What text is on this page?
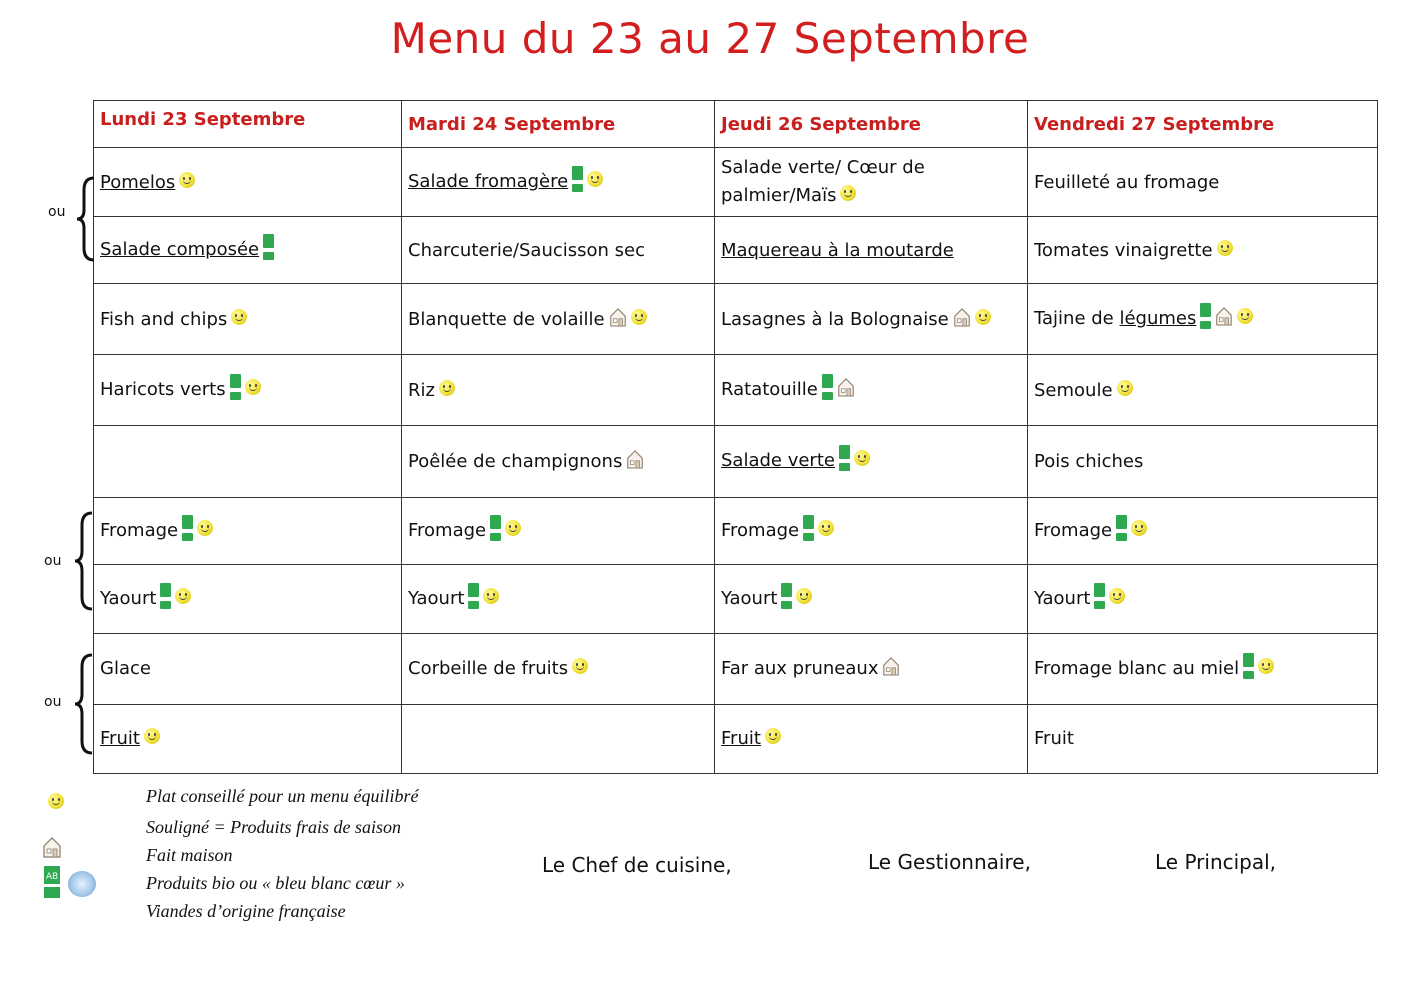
Menu du 23 au 27 Septembre
Lundi 23 Septembre	Mardi 24 Septembre	Jeudi 26 Septembre	Vendredi 27 Septembre
Pomelos	Salade fromagère	Salade verte/ Cœur de palmier/Maïs	Feuilleté au fromage
Salade composée	Charcuterie/Saucisson sec	Maquereau à la moutarde	Tomates vinaigrette
Fish and chips	Blanquette de volaille	Lasagnes à la Bolognaise	Tajine de légumes
Haricots verts	Riz	Ratatouille	Semoule
	Poêlée de champignons	Salade verte	Pois chiches
Fromage	Fromage	Fromage	Fromage
Yaourt	Yaourt	Yaourt	Yaourt
Glace	Corbeille de fruits	Far aux pruneaux	Fromage blanc au miel
Fruit		Fruit	Fruit
ou
ou
ou
Plat conseillé pour un menu équilibré
Souligné = Produits frais de saison
Fait maison
AB	Produits bio ou « bleu blanc cœur »
Viandes d’origine française
Le Chef de cuisine,	Le Gestionnaire,	Le Principal,
